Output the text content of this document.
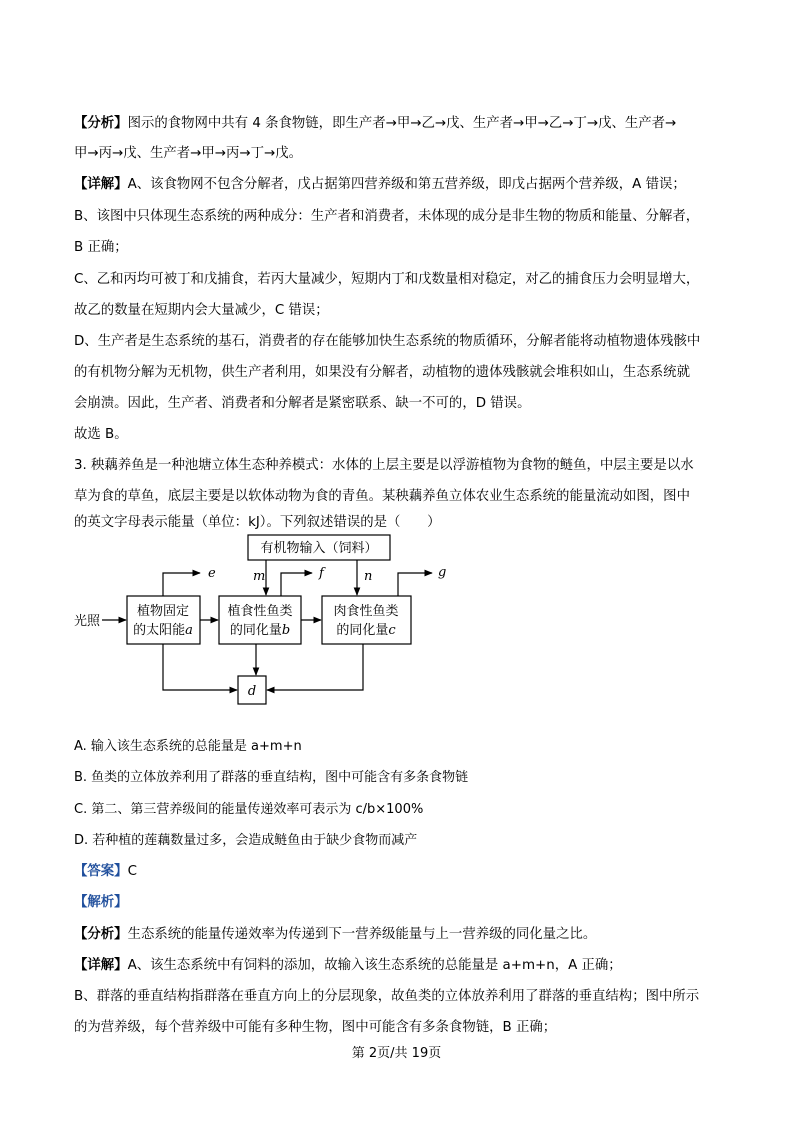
【分析】图示的食物网中共有 4 条食物链，即生产者→甲→乙→戊、生产者→甲→乙→丁→戊、生产者→
甲→丙→戊、生产者→甲→丙→丁→戊。
【详解】A、该食物网不包含分解者，戊占据第四营养级和第五营养级，即戊占据两个营养级，A 错误；
B、该图中只体现生态系统的两种成分：生产者和消费者，未体现的成分是非生物的物质和能量、分解者，
B 正确；
C、乙和丙均可被丁和戊捕食，若丙大量减少，短期内丁和戊数量相对稳定，对乙的捕食压力会明显增大，
故乙的数量在短期内会大量减少，C 错误；
D、生产者是生态系统的基石，消费者的存在能够加快生态系统的物质循环，分解者能将动植物遗体残骸中
的有机物分解为无机物，供生产者利用，如果没有分解者，动植物的遗体残骸就会堆积如山，生态系统就
会崩溃。因此，生产者、消费者和分解者是紧密联系、缺一不可的，D 错误。
故选 B。
3. 秧藕养鱼是一种池塘立体生态种养模式：水体的上层主要是以浮游植物为食物的鲢鱼，中层主要是以水
草为食的草鱼，底层主要是以软体动物为食的青鱼。某秧藕养鱼立体农业生态系统的能量流动如图，图中
的英文字母表示能量（单位：kJ）。下列叙述错误的是（　　）
有机物输入（饲料）
植物固定
的太阳能a
植食性鱼类
的同化量b
肉食性鱼类
的同化量c
d
光照
e	m	f	n	g
A. 输入该生态系统的总能量是 a+m+n
B. 鱼类的立体放养利用了群落的垂直结构，图中可能含有多条食物链
C. 第二、第三营养级间的能量传递效率可表示为 c/b×100%
D. 若种植的莲藕数量过多，会造成鲢鱼由于缺少食物而减产
【答案】C
【解析】
【分析】生态系统的能量传递效率为传递到下一营养级能量与上一营养级的同化量之比。
【详解】A、该生态系统中有饲料的添加，故输入该生态系统的总能量是 a+m+n，A 正确；
B、群落的垂直结构指群落在垂直方向上的分层现象，故鱼类的立体放养利用了群落的垂直结构；图中所示
的为营养级，每个营养级中可能有多种生物，图中可能含有多条食物链，B 正确；
第 2页/共 19页
